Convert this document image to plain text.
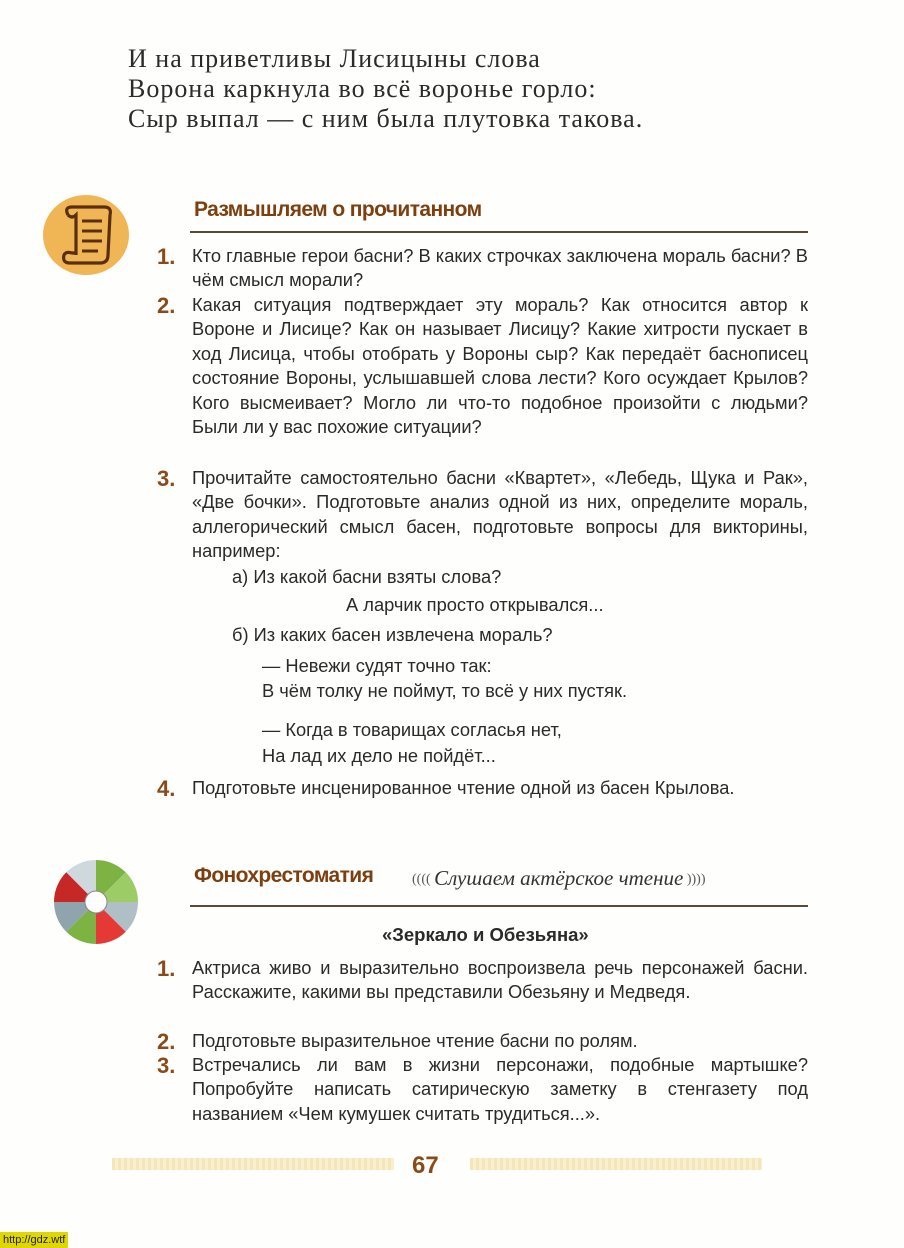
И на приветливы Лисицыны слова
Ворона каркнула во всё воронье горло:
Сыр выпал — с ним была плутовка такова.
Размышляем о прочитанном
1. Кто главные герои басни? В каких строчках заключена мораль басни? В чём смысл морали?
2. Какая ситуация подтверждает эту мораль? Как относится автор к Вороне и Лисице? Как он называет Лисицу? Какие хитрости пускает в ход Лисица, чтобы отобрать у Вороны сыр? Как передаёт баснописец состояние Вороны, услышавшей слова лести? Кого осуждает Крылов? Кого высмеивает? Могло ли что-то подобное произойти с людьми? Были ли у вас похожие ситуации?
3. Прочитайте самостоятельно басни «Квартет», «Лебедь, Щука и Рак», «Две бочки». Подготовьте анализ одной из них, определите мораль, аллегорический смысл басен, подготовьте вопросы для викторины, например:
а) Из какой басни взяты слова?
А ларчик просто открывался...
б) Из каких басен извлечена мораль?
— Невежи судят точно так:
В чём толку не поймут, то всё у них пустяк.
— Когда в товарищах согласья нет,
На лад их дело не пойдёт...
4. Подготовьте инсценированное чтение одной из басен Крылова.
Фонохрестоматия	(((( Слушаем актёрское чтение ))))
«Зеркало и Обезьяна»
1. Актриса живо и выразительно воспроизвела речь персонажей басни. Расскажите, какими вы представили Обезьяну и Медведя.
2. Подготовьте выразительное чтение басни по ролям.
3. Встречались ли вам в жизни персонажи, подобные мартышке? Попробуйте написать сатирическую заметку в стенгазету под названием «Чем кумушек считать трудиться...».
67
http://gdz.wtf
